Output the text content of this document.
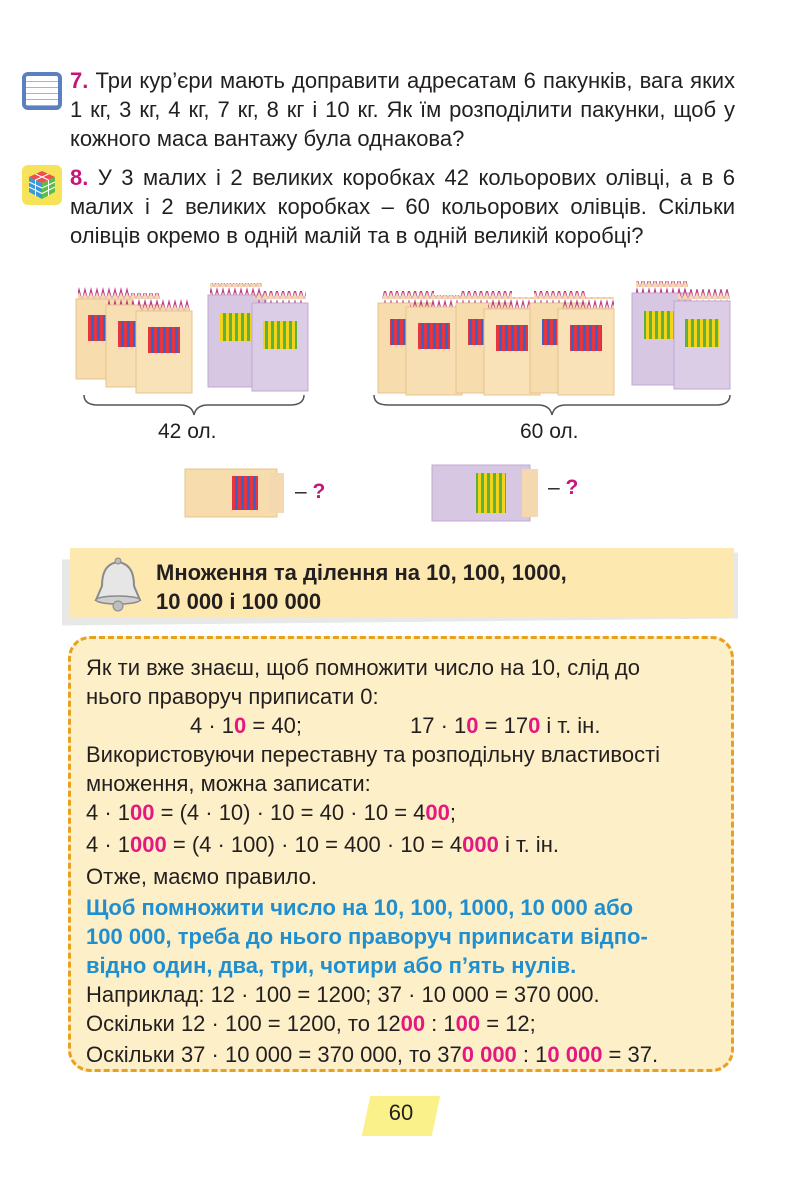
7. Три кур’єри мають доправити адресатам 6 пакунків, вага яких 1 кг, 3 кг, 4 кг, 7 кг, 8 кг і 10 кг. Як їм розподілити пакунки, щоб у кожного маса вантажу була однакова?
8. У 3 малих і 2 великих коробках 42 кольорових олівці, а в 6 малих і 2 великих коробках – 60 кольорових олівців. Скільки олівців окремо в одній малій та в одній великій коробці?
42 ол.	60 ол.
– ?	– ?
Множення та ділення на 10, 100, 1000,
10 000 і 100 000
Як ти вже знаєш, щоб помножити число на 10, слід до
нього праворуч приписати 0:
4 · 10 = 40;	17 · 10 = 170 і т. ін.
Використовуючи переставну та розподільну властивості
множення, можна записати:
4 · 100 = (4 · 10) · 10 = 40 · 10 = 400;
4 · 1000 = (4 · 100) · 10 = 400 · 10 = 4000 і т. ін.
Отже, маємо правило.
Щоб помножити число на 10, 100, 1000, 10 000 або
100 000, треба до нього праворуч приписати відпо-
відно один, два, три, чотири або п’ять нулів.
Наприклад: 12 · 100 = 1200; 37 · 10 000 = 370 000.
Оскільки 12 · 100 = 1200, то 1200 : 100 = 12;
Оскільки 37 · 10 000 = 370 000, то 370 000 : 10 000 = 37.
60
